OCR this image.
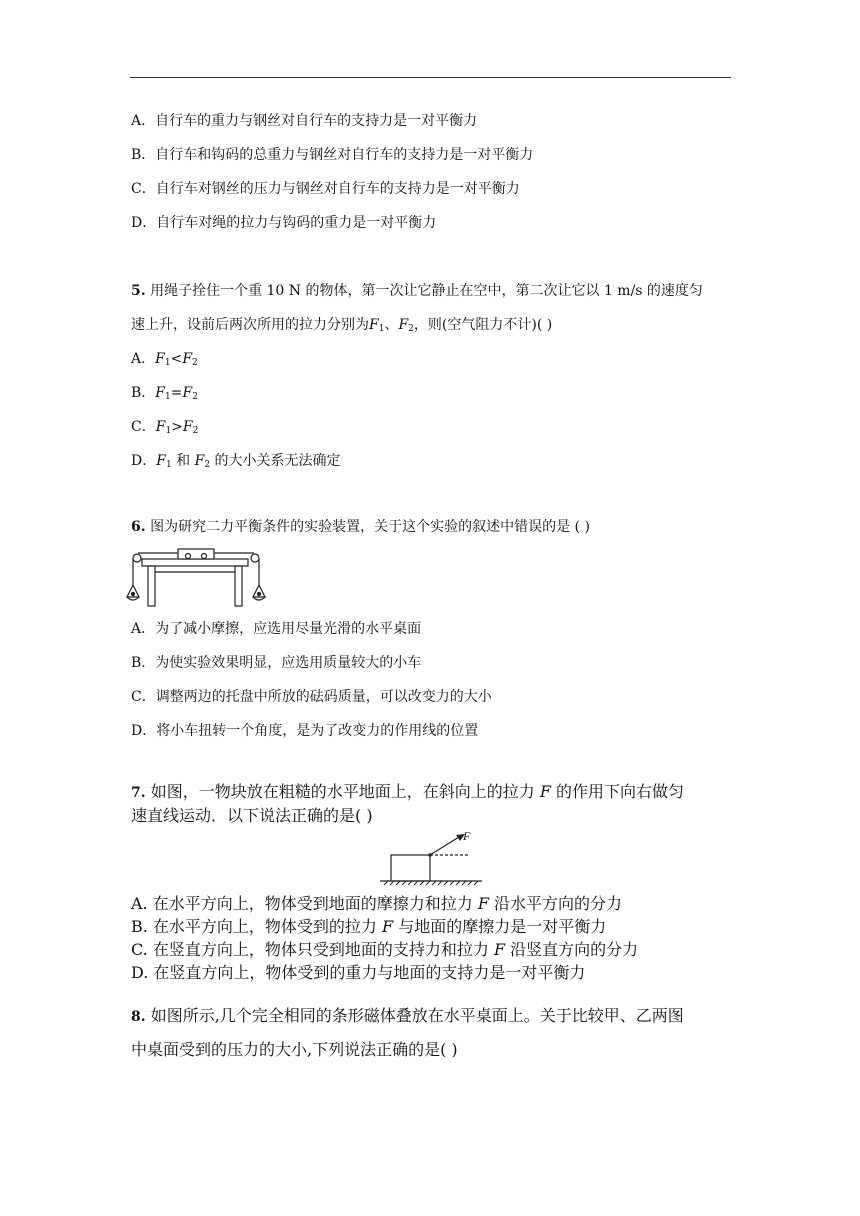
A．自行车的重力与钢丝对自行车的支持力是一对平衡力
B．自行车和钩码的总重力与钢丝对自行车的支持力是一对平衡力
C．自行车对钢丝的压力与钢丝对自行车的支持力是一对平衡力
D．自行车对绳的拉力与钩码的重力是一对平衡力
5. 用绳子拴住一个重 10 N 的物体，第一次让它静止在空中，第二次让它以 1 m/s 的速度匀
速上升，设前后两次所用的拉力分别为$F_1$、$F_2$，则(空气阻力不计)( )
A．$F_1<F_2$
B．$F_1=F_2$
C．$F_1>F_2$
D．$F_1$ 和 $F_2$ 的大小关系无法确定
6. 图为研究二力平衡条件的实验装置，关于这个实验的叙述中错误的是 ( )
A．为了减小摩擦，应选用尽量光滑的水平桌面
B．为使实验效果明显，应选用质量较大的小车
C．调整两边的托盘中所放的砝码质量，可以改变力的大小
D．将小车扭转一个角度，是为了改变力的作用线的位置
7. 如图，一物块放在粗糙的水平地面上，在斜向上的拉力 F 的作用下向右做匀
速直线运动．以下说法正确的是( )
F
A. 在水平方向上，物体受到地面的摩擦力和拉力 F 沿水平方向的分力
B. 在水平方向上，物体受到的拉力 F 与地面的摩擦力是一对平衡力
C. 在竖直方向上，物体只受到地面的支持力和拉力 F 沿竖直方向的分力
D. 在竖直方向上，物体受到的重力与地面的支持力是一对平衡力
8. 如图所示,几个完全相同的条形磁体叠放在水平桌面上。关于比较甲、乙两图
中桌面受到的压力的大小,下列说法正确的是( )
